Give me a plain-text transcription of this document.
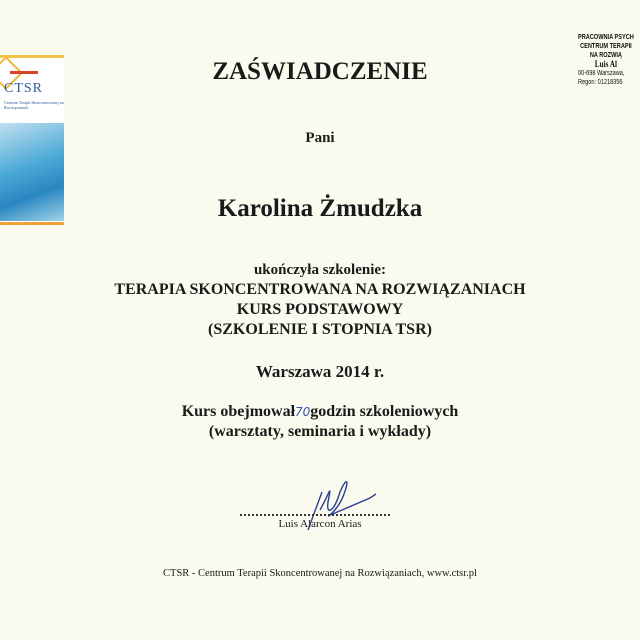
CTSR
Centrum Terapii Skoncentrowanej na Rozwiązaniach
PRACOWNIA PSYCH
CENTRUM TERAPII
NA ROZWIĄ
Luis Al
00-698 Warszawa,
Regon: 01218356
ZAŚWIADCZENIE
Pani
Karolina Żmudzka
ukończyła szkolenie:
TERAPIA SKONCENTROWANA NA ROZWIĄZANIACH
KURS PODSTAWOWY
(SZKOLENIE I STOPNIA TSR)
Warszawa 2014 r.
Kurs obejmował70godzin szkoleniowych
(warsztaty, seminaria i wykłady)
Luis Alarcon Arias
CTSR - Centrum Terapii Skoncentrowanej na Rozwiązaniach, www.ctsr.pl
